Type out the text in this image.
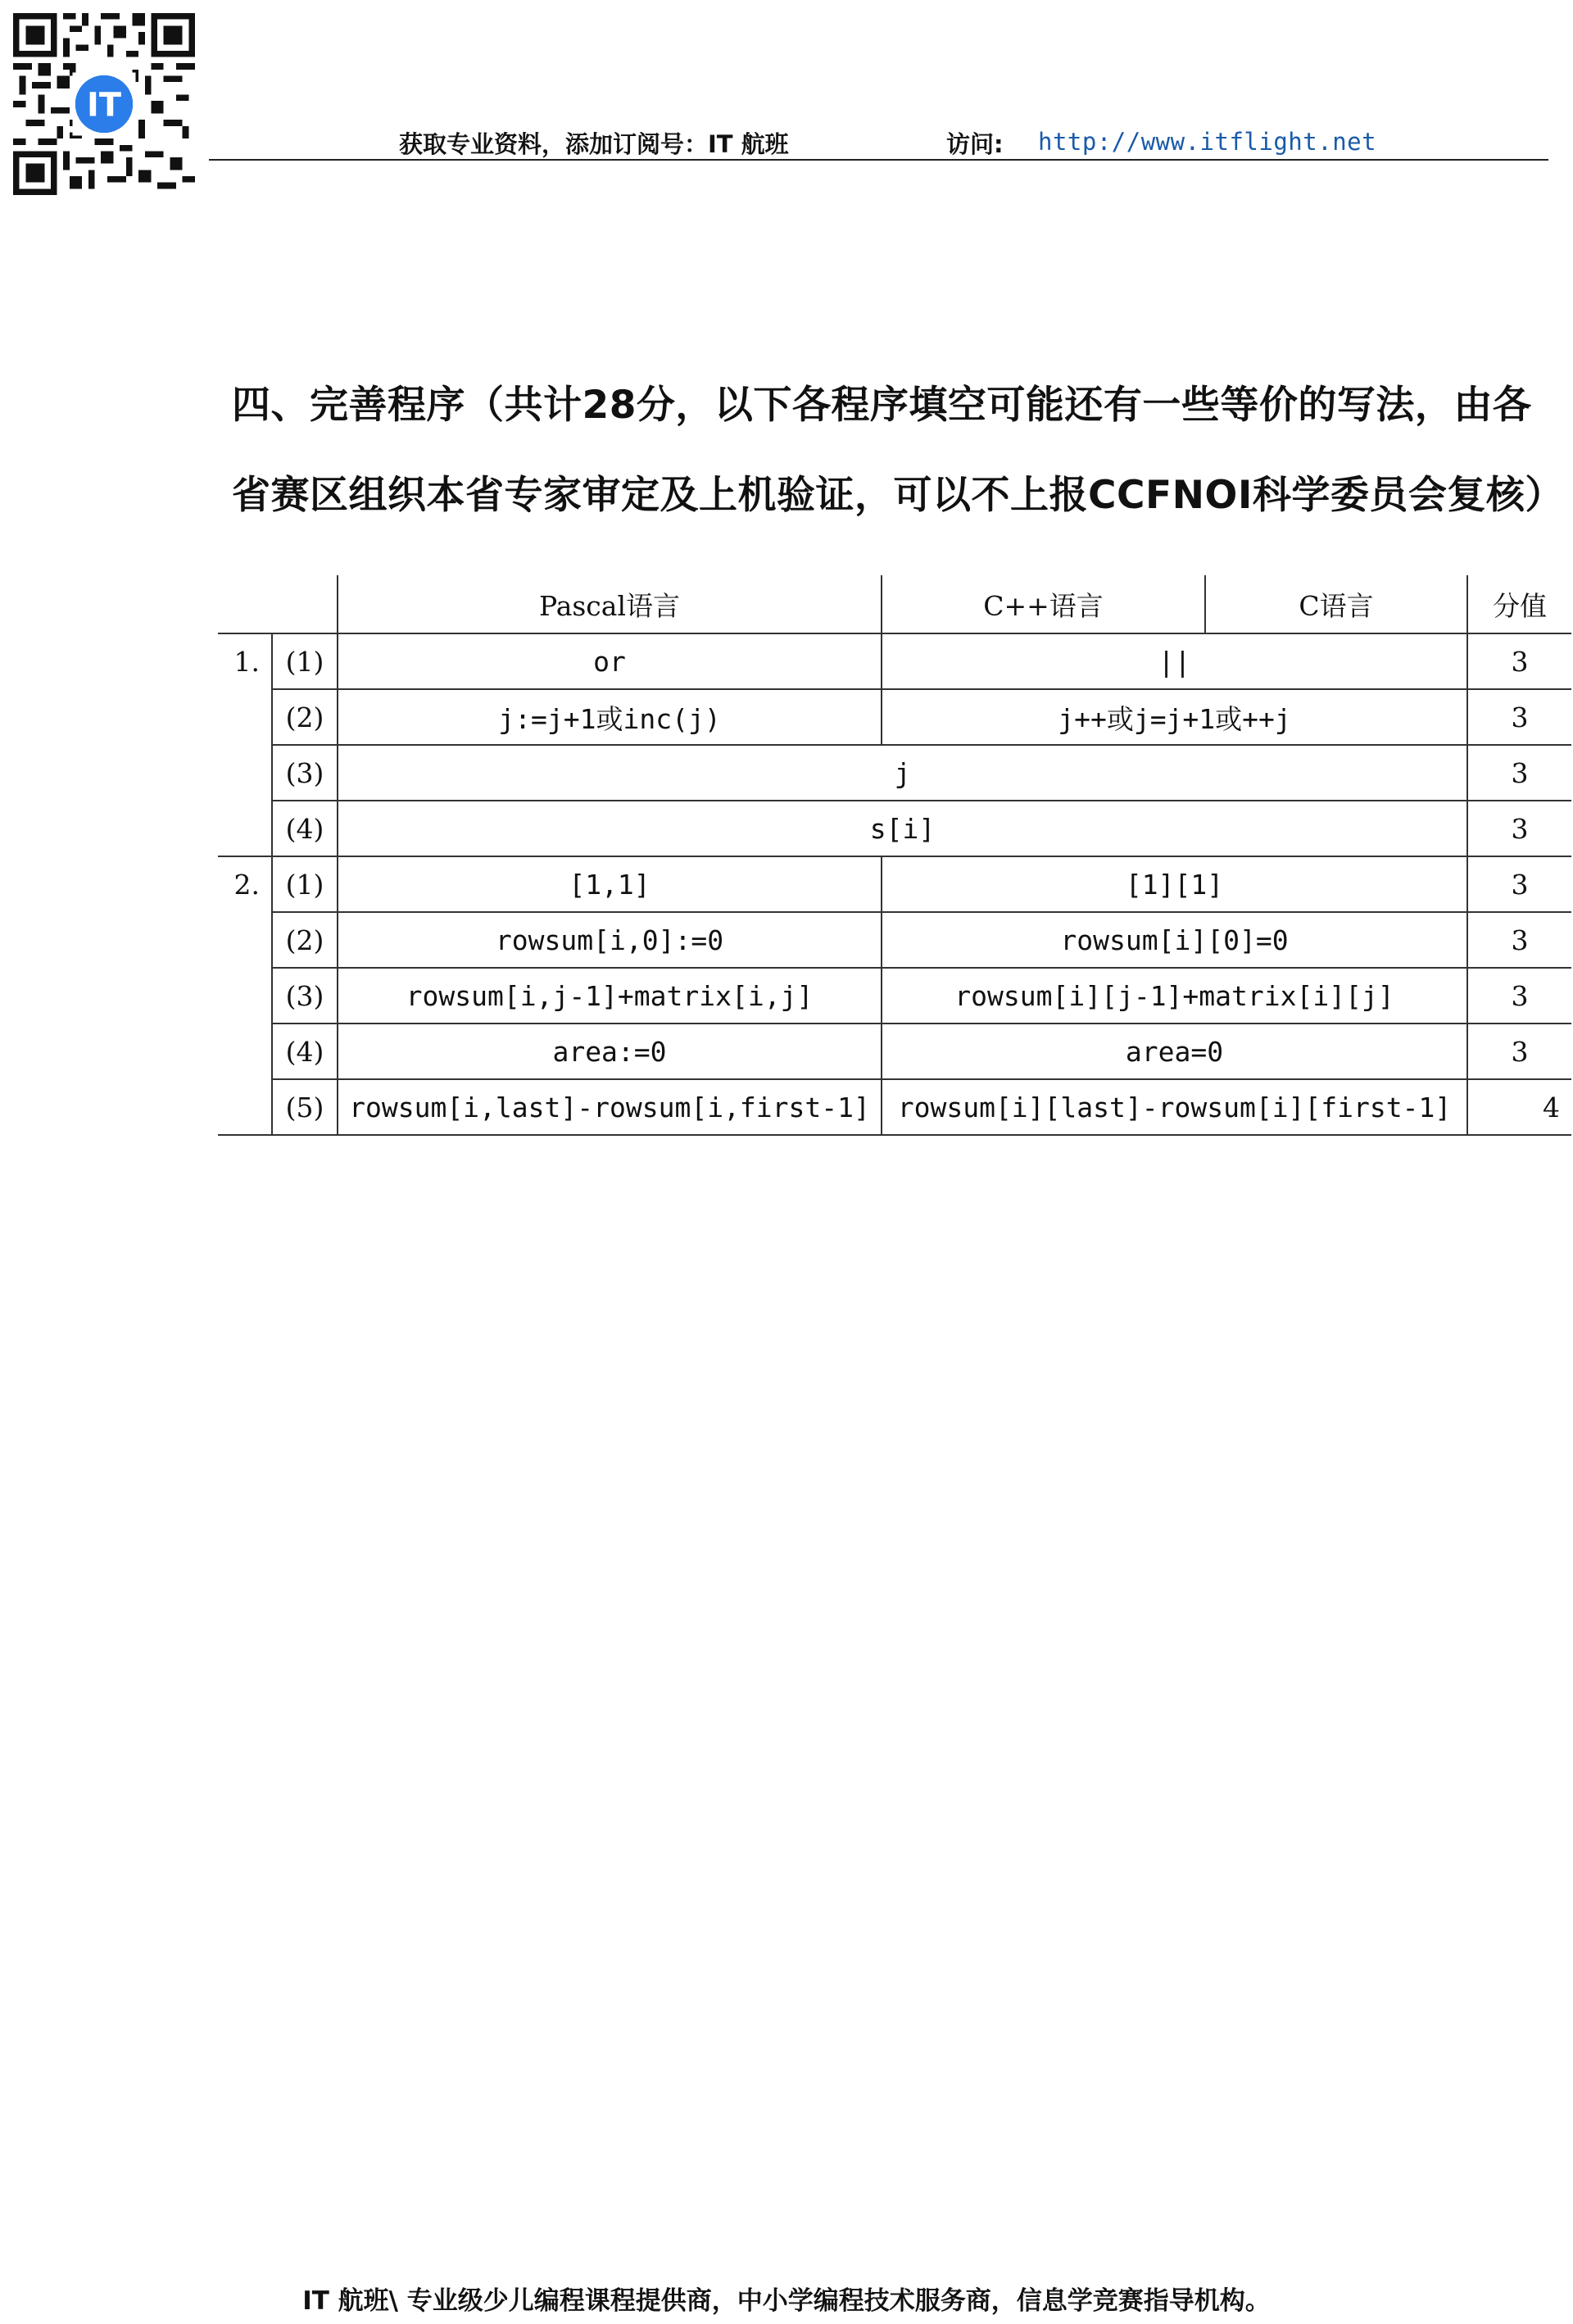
IT
获取专业资料，添加订阅号：IT 航班	访问: http://www.itflight.net
四、完善程序（共计28分，以下各程序填空可能还有一些等价的写法，由各省赛区组织本省专家审定及上机验证，可以不上报CCFNOI科学委员会复核）
		Pascal语言	C++语言	C语言	分值
1.	(1)	or	||		3
	(2)	j:=j+1或inc(j)	j++或j=j+1或++j		3
	(3)	j			3
	(4)	s[i]			3
2.	(1)	[1,1]	[1][1]		3
	(2)	rowsum[i,0]:=0	rowsum[i][0]=0		3
	(3)	rowsum[i,j-1]+matrix[i,j]	rowsum[i][j-1]+matrix[i][j]		3
	(4)	area:=0	area=0		3
	(5)	rowsum[i,last]-rowsum[i,first-1]	rowsum[i][last]-rowsum[i][first-1]		4
IT 航班\ 专业级少儿编程课程提供商，中小学编程技术服务商，信息学竞赛指导机构。
